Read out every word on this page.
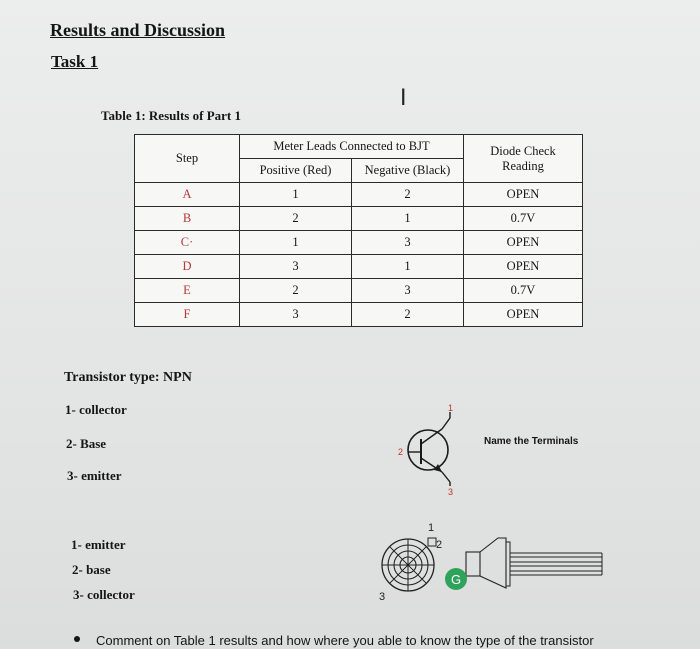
Results and Discussion
Task 1
I
Table 1: Results of Part 1
Step	Meter Leads Connected to BJT		Diode Check
Reading
	Positive (Red)	Negative (Black)	
A	1	2	OPEN
B	2	1	0.7V
C·	1	3	OPEN
D	3	1	OPEN
E	2	3	0.7V
F	3	2	OPEN
Transistor type: NPN
1- collector
2- Base
3- emitter
1- emitter
2- base
3- collector
1
2
3
Name the Terminals
G
1
2
3
Comment on Table 1 results and how where you able to know the type of the transistor
